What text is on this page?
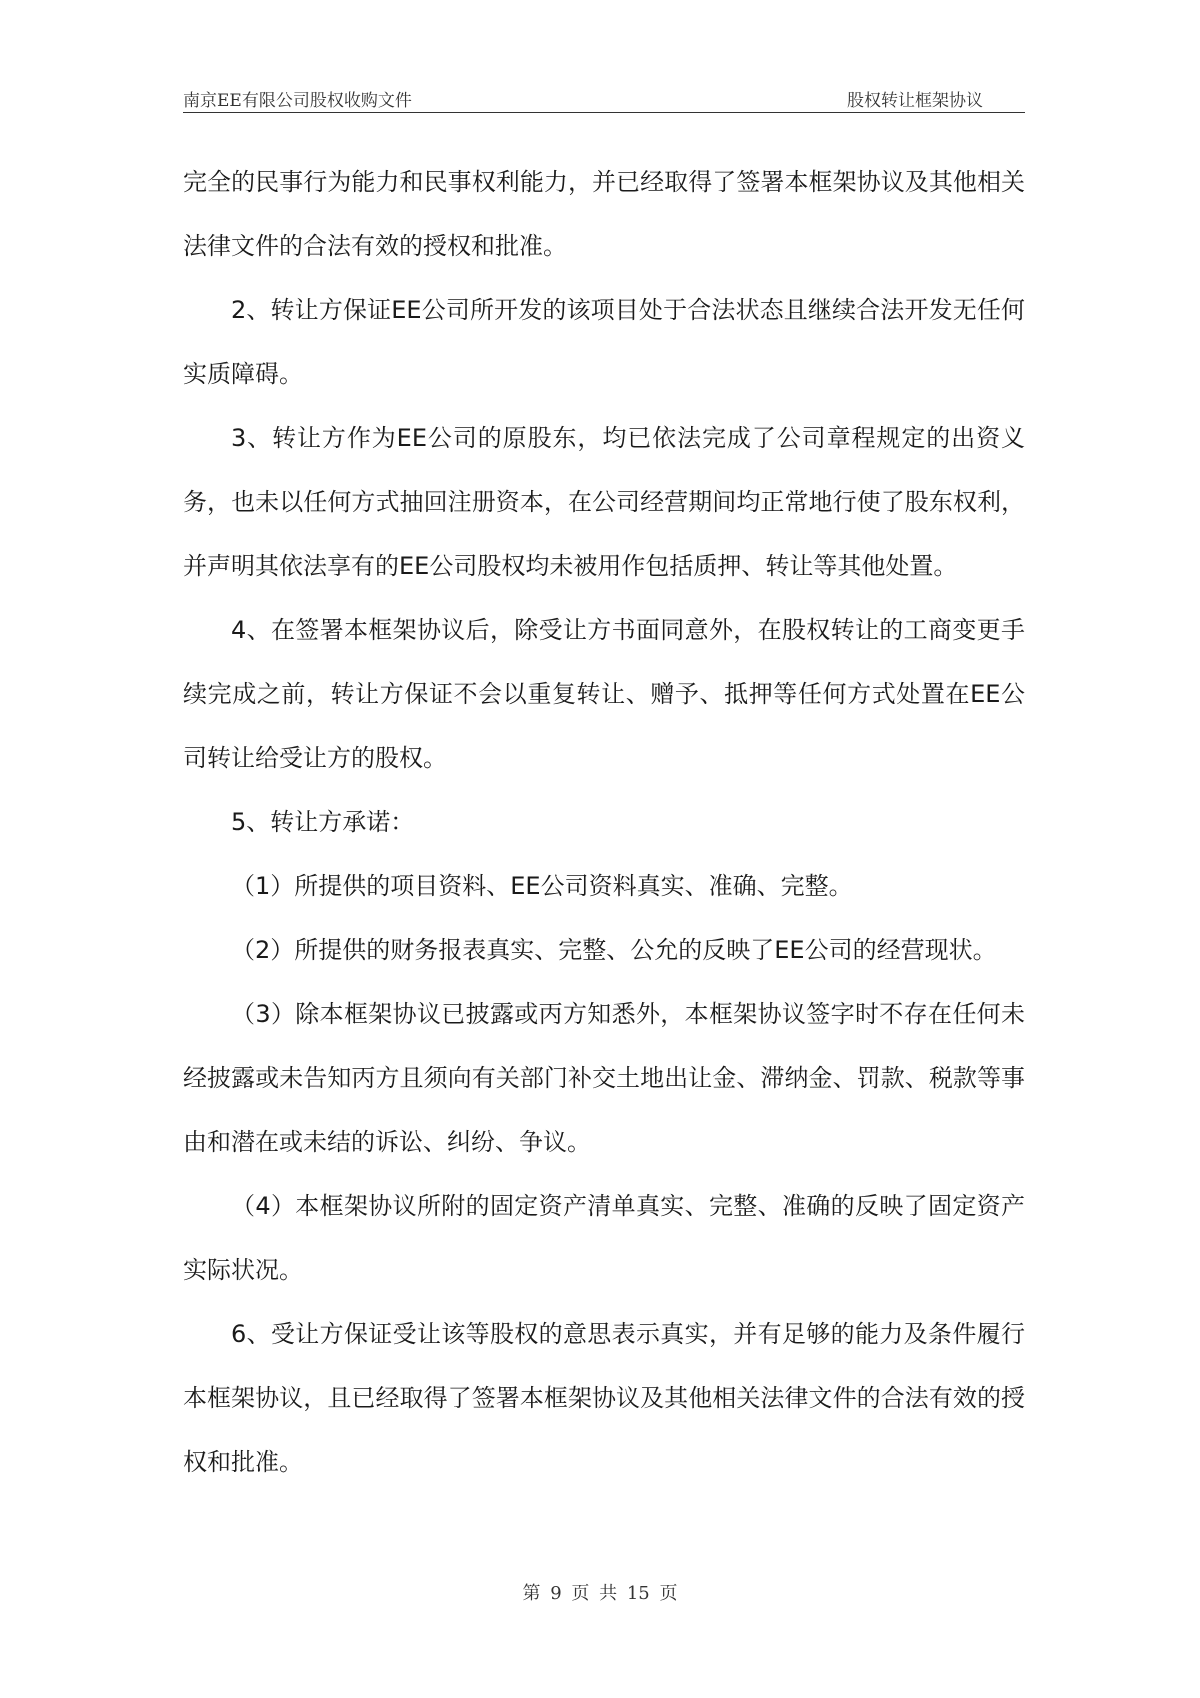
南京EE有限公司股权收购文件	股权转让框架协议

完全的民事行为能力和民事权利能力，并已经取得了签署本框架协议及其他相关法律文件的合法有效的授权和批准。

2、转让方保证EE公司所开发的该项目处于合法状态且继续合法开发无任何实质障碍。

3、转让方作为EE公司的原股东，均已依法完成了公司章程规定的出资义务，也未以任何方式抽回注册资本，在公司经营期间均正常地行使了股东权利，并声明其依法享有的EE公司股权均未被用作包括质押、转让等其他处置。

4、在签署本框架协议后，除受让方书面同意外，在股权转让的工商变更手续完成之前，转让方保证不会以重复转让、赠予、抵押等任何方式处置在EE公司转让给受让方的股权。

5、转让方承诺：

（1）所提供的项目资料、EE公司资料真实、准确、完整。

（2）所提供的财务报表真实、完整、公允的反映了EE公司的经营现状。

（3）除本框架协议已披露或丙方知悉外，本框架协议签字时不存在任何未经披露或未告知丙方且须向有关部门补交土地出让金、滞纳金、罚款、税款等事由和潜在或未结的诉讼、纠纷、争议。

（4）本框架协议所附的固定资产清单真实、完整、准确的反映了固定资产实际状况。

6、受让方保证受让该等股权的意思表示真实，并有足够的能力及条件履行本框架协议，且已经取得了签署本框架协议及其他相关法律文件的合法有效的授权和批准。

第 9 页 共 15 页
